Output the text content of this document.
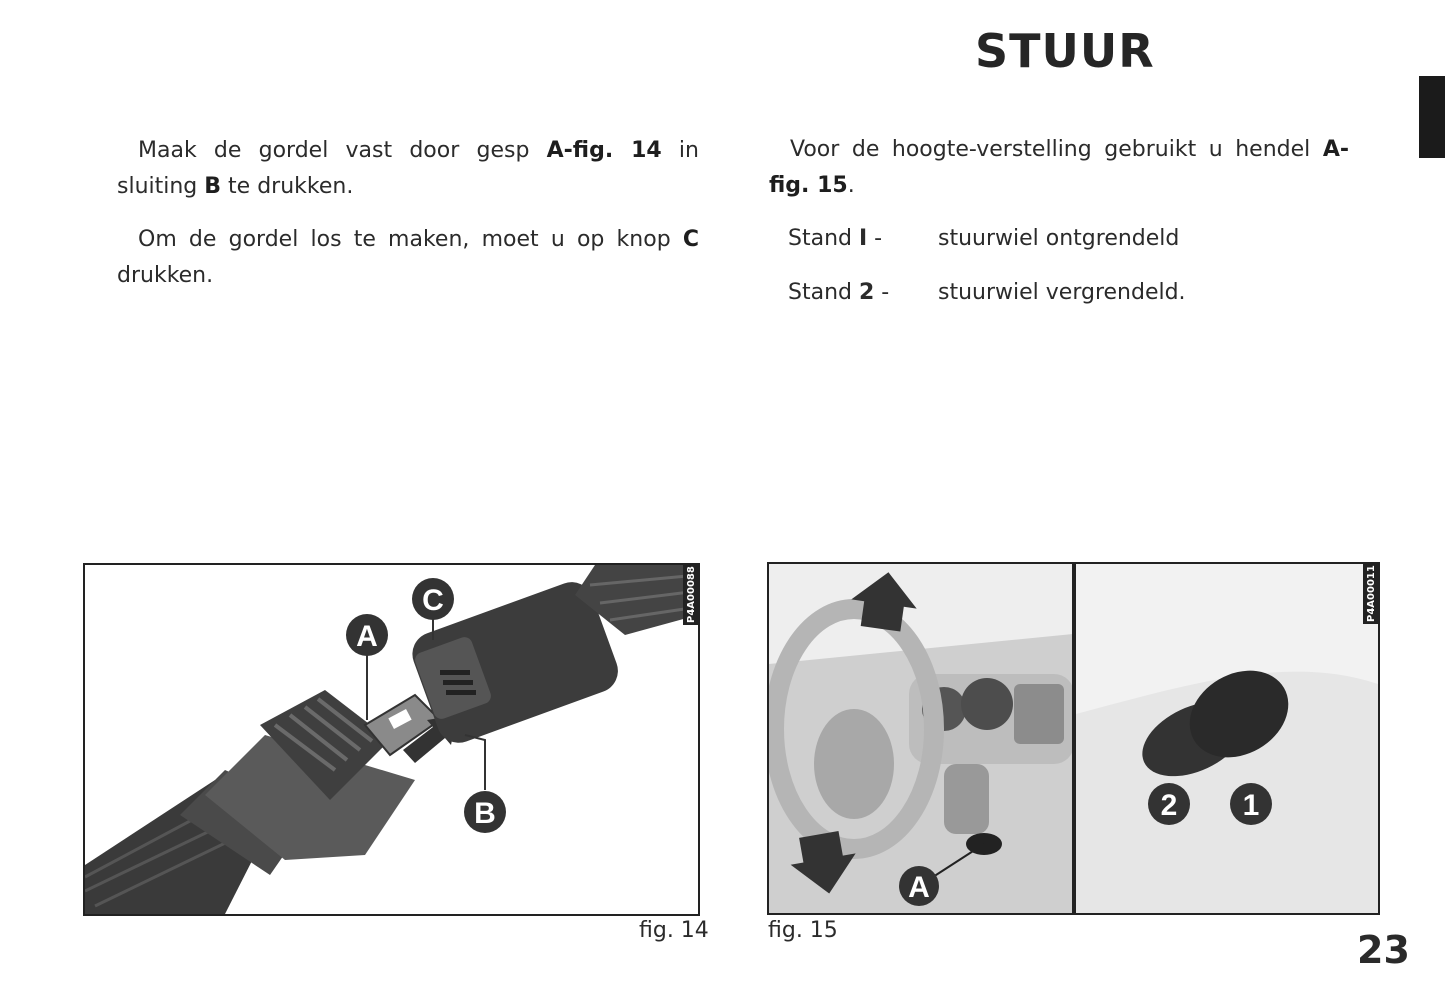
STUUR
Maak de gordel vast door gesp A-fig. 14 in sluiting B te drukken.
Om de gordel los te maken, moet u op knop C drukken.
Voor de hoogte-verstelling gebruikt u hendel A-fig. 15.
Stand I -	stuurwiel ontgrendeld
Stand 2 - stuurwiel vergrendeld.
A
C
B
P4A00088
fig. 14
A
2 1
P4A00011
fig. 15	23
